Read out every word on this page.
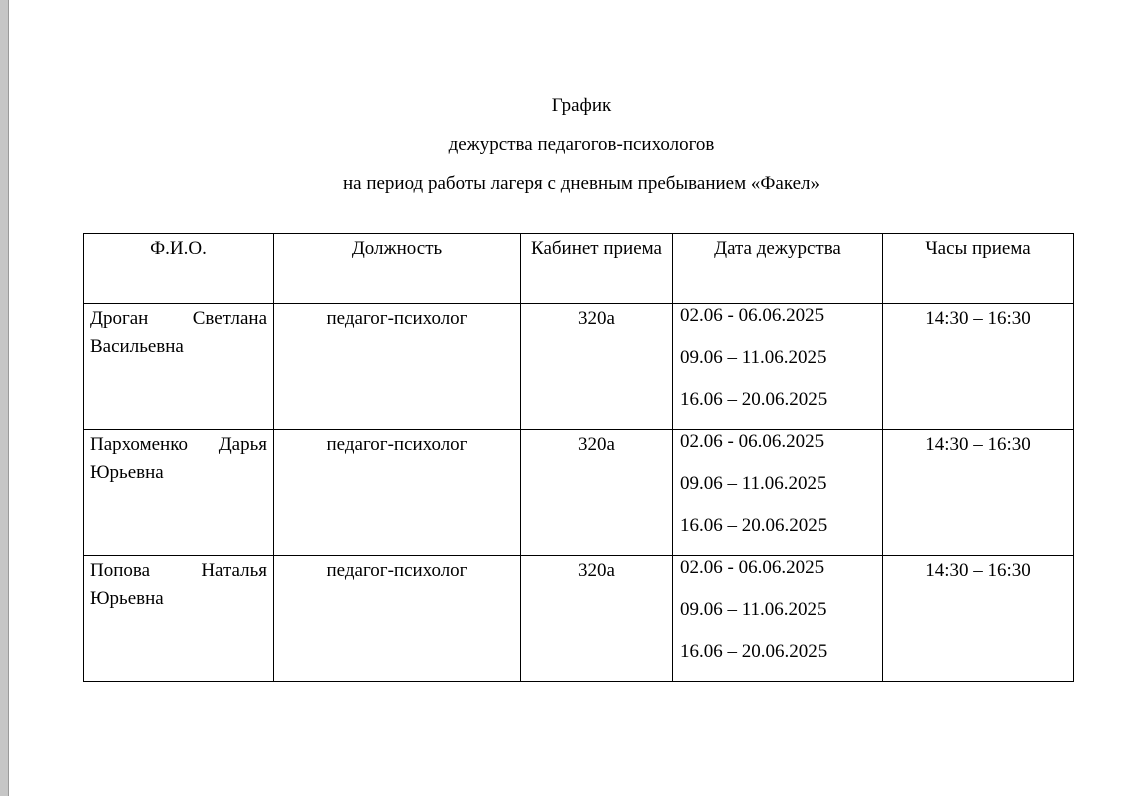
График
дежурства педагогов-психологов
на период работы лагеря с дневным пребыванием «Факел»
Ф.И.О.	Должность	Кабинет приема	Дата дежурства	Часы приема

Дроган Светлана
Васильевна	педагог-психолог	320а	02.06 - 06.06.2025
09.06 – 11.06.2025
16.06 – 20.06.2025	14:30 – 16:30

Пархоменко Дарья
Юрьевна	педагог-психолог	320а	02.06 - 06.06.2025
09.06 – 11.06.2025
16.06 – 20.06.2025	14:30 – 16:30

Попова Наталья
Юрьевна	педагог-психолог	320а	02.06 - 06.06.2025
09.06 – 11.06.2025
16.06 – 20.06.2025	14:30 – 16:30
